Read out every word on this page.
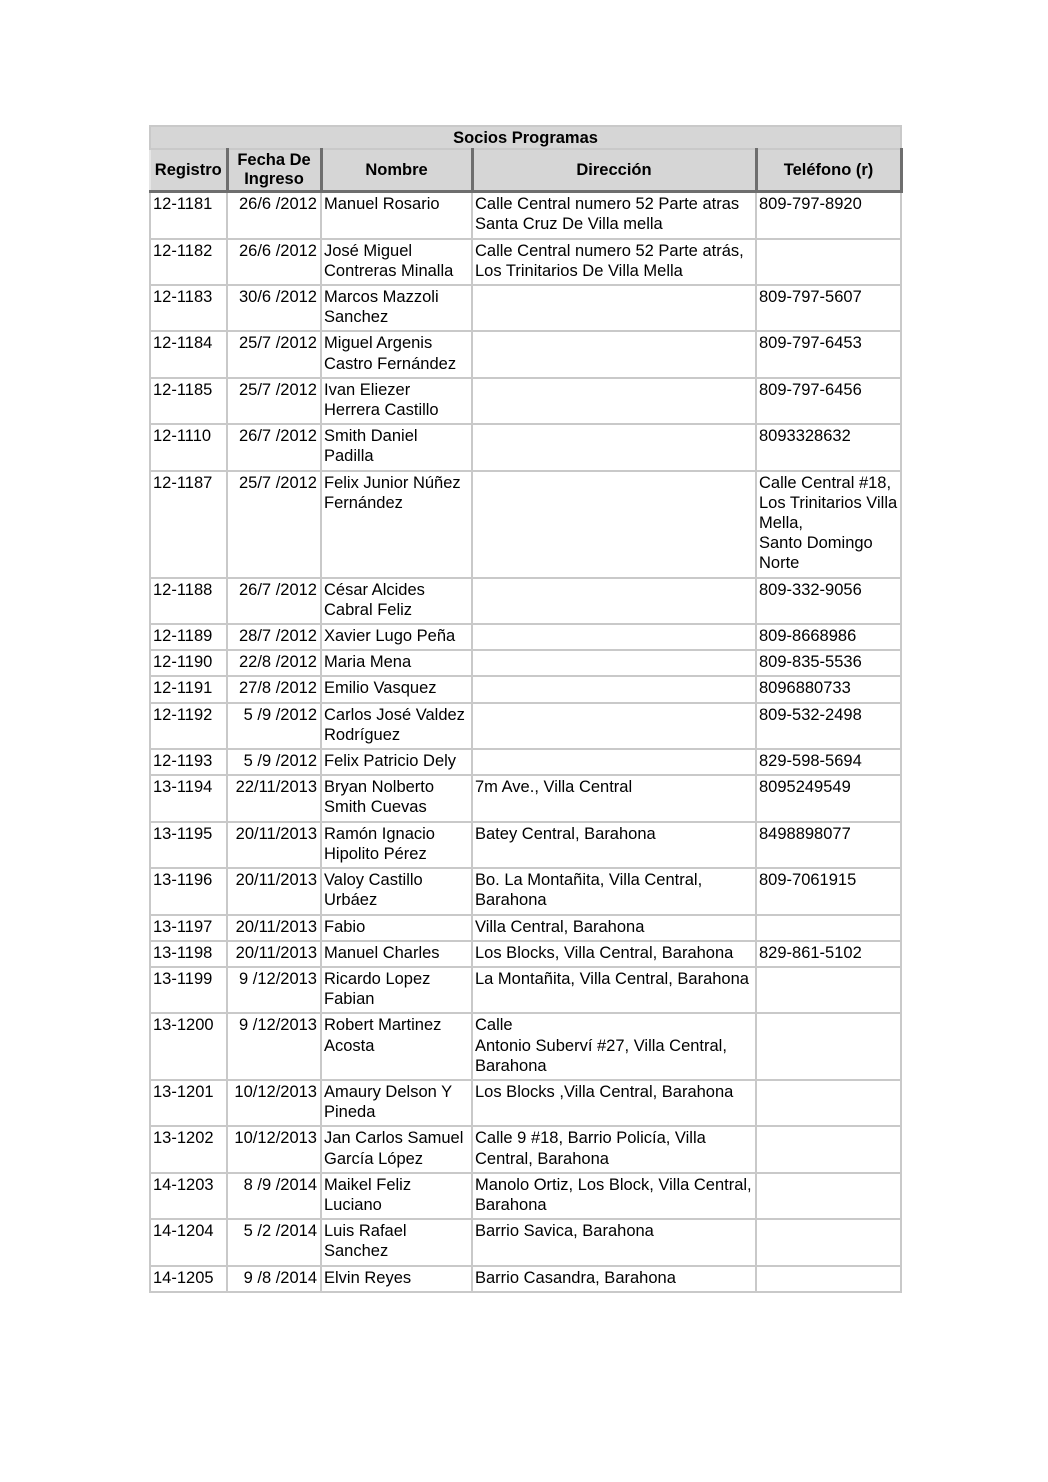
Socios Programas				
Registro	Fecha De Ingreso	Nombre	Dirección	Teléfono (r)
12-1181	26/6 /2012	Manuel Rosario	Calle Central numero 52 Parte atras
Santa Cruz De Villa mella	809-797-8920
12-1182	26/6 /2012	José Miguel Contreras Minalla	Calle Central numero 52 Parte atrás, Los Trinitarios De Villa Mella	
12-1183	30/6 /2012	Marcos Mazzoli Sanchez		809-797-5607
12-1184	25/7 /2012	Miguel Argenis Castro Fernández		809-797-6453
12-1185	25/7 /2012	Ivan Eliezer Herrera Castillo		809-797-6456
12-1110	26/7 /2012	Smith Daniel Padilla		8093328632
12-1187	25/7 /2012	Felix Junior Núñez Fernández		Calle Central #18, Los Trinitarios Villa Mella,
Santo Domingo Norte
12-1188	26/7 /2012	César Alcides Cabral Feliz		809-332-9056
12-1189	28/7 /2012	Xavier Lugo Peña		809-8668986
12-1190	22/8 /2012	Maria Mena		809-835-5536
12-1191	27/8 /2012	Emilio Vasquez		8096880733
12-1192	5 /9 /2012	Carlos José Valdez Rodríguez		809-532-2498
12-1193	5 /9 /2012	Felix Patricio Dely		829-598-5694
13-1194	22/11/2013	Bryan Nolberto Smith Cuevas	7m Ave., Villa Central	8095249549
13-1195	20/11/2013	Ramón Ignacio Hipolito Pérez	Batey Central, Barahona	8498898077
13-1196	20/11/2013	Valoy Castillo Urbáez	Bo. La Montañita, Villa Central, Barahona	809-7061915
13-1197	20/11/2013	Fabio	Villa Central, Barahona	
13-1198	20/11/2013	Manuel Charles	Los Blocks, Villa Central, Barahona	829-861-5102
13-1199	9 /12/2013	Ricardo Lopez Fabian	La Montañita, Villa Central, Barahona	
13-1200	9 /12/2013	Robert Martinez Acosta	Calle
Antonio Suberví #27, Villa Central, Barahona	
13-1201	10/12/2013	Amaury Delson Y Pineda	Los Blocks ,Villa Central, Barahona	
13-1202	10/12/2013	Jan Carlos Samuel García López	Calle 9 #18, Barrio Policía, Villa Central, Barahona	
14-1203	8 /9 /2014	Maikel Feliz Luciano	Manolo Ortiz, Los Block, Villa Central, Barahona	
14-1204	5 /2 /2014	Luis Rafael Sanchez	Barrio Savica, Barahona	
14-1205	9 /8 /2014	Elvin Reyes	Barrio Casandra, Barahona	
